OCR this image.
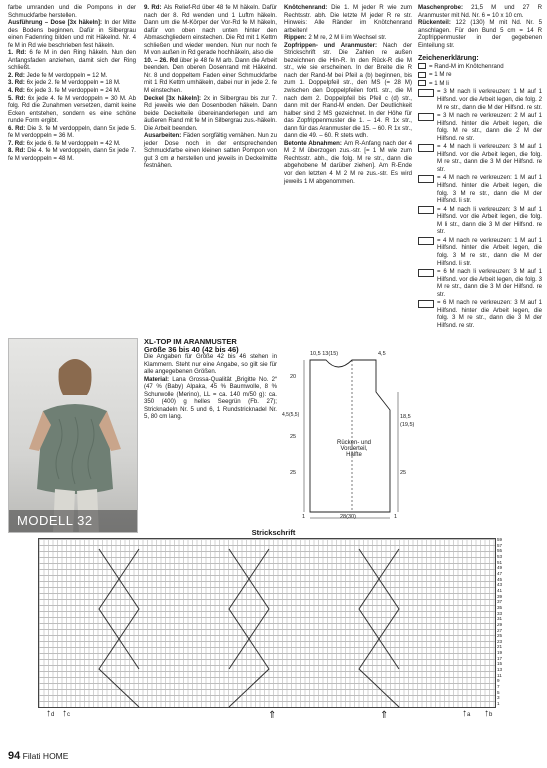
farbe umranden und die Pompons in der Schmuckfarbe herstellen.

Ausführung – Dose [3x häkeln]: In der Mitte des Bodens beginnen. Dafür in Silbergrau einen Fadenring bilden und mit Häkelnd. Nr. 4 fe M in Rd wie beschrieben fest häkeln.

1. Rd: 6 fe M in den Ring häkeln. Nun den Anfangsfaden anziehen, damit sich der Ring schließt.

2. Rd: Jede fe M verdoppeln = 12 M.

3. Rd: 6x jede 2. fe M verdoppeln = 18 M.

4. Rd: 6x jede 3. fe M verdoppeln = 24 M.

5. Rd: 6x jede 4. fe M verdoppeln = 30 M. Ab folg. Rd die Zunahmen versetzen, damit keine Ecken entstehen, sondern es eine schöne runde Form ergibt.

6. Rd: Die 3. fe M verdoppeln, dann 5x jede 5. fe M verdoppeln = 36 M.

7. Rd: 6x jede 6. fe M verdoppeln = 42 M.

8. Rd: Die 4. fe M verdoppeln, dann 5x jede 7. fe M verdoppeln = 48 M.

9. Rd: Als Relief-Rd über 48 fe M häkeln. Dafür nach der 8. Rd wenden und 1 Luftm häkeln. Dann um die M-Körper der Vor-Rd fe M häkeln, dafür von oben nach unten hinter den Abmaschgliedern einstechen. Die Rd mit 1 Kettm schließen und wieder wenden. Nun nur noch fe M von außen in Rd gerade hochhäkeln, also die

10. – 26. Rd über je 48 fe M arb. Dann die Arbeit beenden. Den oberen Dosenrand mit Häkelnd. Nr. 8 und doppeltem Faden einer Schmuckfarbe mit 1 Rd Kettm umhäkeln, dabei nur in jede 2. fe M einstechen.

Deckel [3x häkeln]: 2x in Silbergrau bis zur 7. Rd jeweils wie den Dosenboden häkeln. Dann beide Deckelteile übereinanderlegen und am äußeren Rand mit fe M in Silbergrau zus.-häkeln. Die Arbeit beenden.

Ausarbeiten: Fäden sorgfältig vernähen. Nun zu jeder Dose noch in der entsprechenden Schmuckfarbe einen kleinen satten Pompon von gut 3 cm ø herstellen und jeweils in Deckelmitte festnähen.

Knötchenrand: Die 1. M jeder R wie zum Rechtsstr. abh. Die letzte M jeder R re str. Hinweis: Alle Ränder im Knötchenrand arbeiten!

Rippen: 2 M re, 2 M li im Wechsel str.

Zopfrippen- und Aranmuster: Nach der Strickschrift str. Die Zahlen re außen bezeichnen die Hin-R. In den Rück-R die M str., wie sie erscheinen. In der Breite die R nach der Rand-M bei Pfeil a (b) beginnen, bis zum 1. Doppelpfeil str., den MS (= 28 M) zwischen den Doppelpfeilen fortl. str., die M nach dem 2. Doppelpfeil bis Pfeil c (d) str., dann mit der Rand-M enden. Der Deutlichkeit halber sind 2 MS gezeichnet. In der Höhe für das Zopfrippenmuster die 1. – 14. R 1x str., dann für das Aranmuster die 15. – 60. R 1x str., dann die 49. – 60. R stets wdh.

Betonte Abnahmen: Am R-Anfang nach der 4 M 2 M überzogen zus.-str. [= 1 M wie zum Rechtsstr. abh., die folg. M re str., dann die abgehobene M darüber ziehen]. Am R-Ende vor den letzten 4 M 2 M re zus.-str. Es wird jeweils 1 M abgenommen.

Maschenprobe: 21,5 M und 27 R Aranmuster mit Nd. Nr. 6 = 10 x 10 cm.

Rückenteil: 122 (130) M mit Nd. Nr. 5 anschlagen. Für den Bund 5 cm = 14 R Zopfrippenmuster in der gegebenen Einteilung str.

Zeichenerklärung:

= Rand-M im Knötchenrand
= 1 M re
= 1 M li
= 3 M nach li verkreuzen: 1 M auf 1 Hilfsnd. vor die Arbeit legen, die folg. 2 M re str., dann die M der Hilfsnd. re str.
= 3 M nach re verkreuzen: 2 M auf 1 Hilfsnd. hinter die Arbeit legen, die folg. M re str., dann die 2 M der Hilfsnd. re str.
= 4 M nach li verkreuzen: 3 M auf 1 Hilfsnd. vor die Arbeit legen, die folg. M re str., dann die 3 M der Hilfsnd. re str.
= 4 M nach re verkreuzen: 1 M auf 1 Hilfsnd. hinter die Arbeit legen, die folg. 3 M re str., dann die M der Hilfsnd. li str.
= 4 M nach li verkreuzen: 3 M auf 1 Hilfsnd. vor die Arbeit legen, die folg. M li str., dann die 3 M der Hilfsnd. re str.
= 4 M nach re verkreuzen: 1 M auf 1 Hilfsnd. hinter die Arbeit legen, die folg. 3 M re str., dann die M der Hilfsnd. li str.
= 6 M nach li verkreuzen: 3 M auf 1 Hilfsnd. vor die Arbeit legen, die folg. 3 M re str., dann die 3 M der Hilfsnd. re str.
= 6 M nach re verkreuzen: 3 M auf 1 Hilfsnd. hinter die Arbeit legen, die folg. 3 M re str., dann die 3 M der Hilfsnd. re str.
MODELL 32

XL-TOP IM ARANMUSTER

Größe 36 bis 40 (42 bis 46)

Die Angaben für Größe 42 bis 46 stehen in Klammern. Steht nur eine Angabe, so gilt sie für alle angegebenen Größen.

Material: Lana Grossa-Qualität „Brigitte No. 2“ (47 % (Baby) Alpaka, 45 % Baumwolle, 8 % Schurwolle (Merino), LL = ca. 140 m/50 g): ca. 350 (400) g helles Seegrün (Fb. 27); Stricknadeln Nr. 5 und 6, 1 Rundstricknadel Nr. 5, 80 cm lang.

10,5 13(15)	4,5
20
4,5(5,5)
25
25
18,5
(19,5)
25
Rücken- und Vorderteil, Hälfte
28(30)
1	1
Strickschrift
59
57
55
53
51
49
47
45
43
41
39
37
35
33
31
29
27
25
23
21
19
17
15
13
11
9
7
5
3
1
↑d ↑c	⇑	⇑	↑a ↑b
94 Filati HOME
